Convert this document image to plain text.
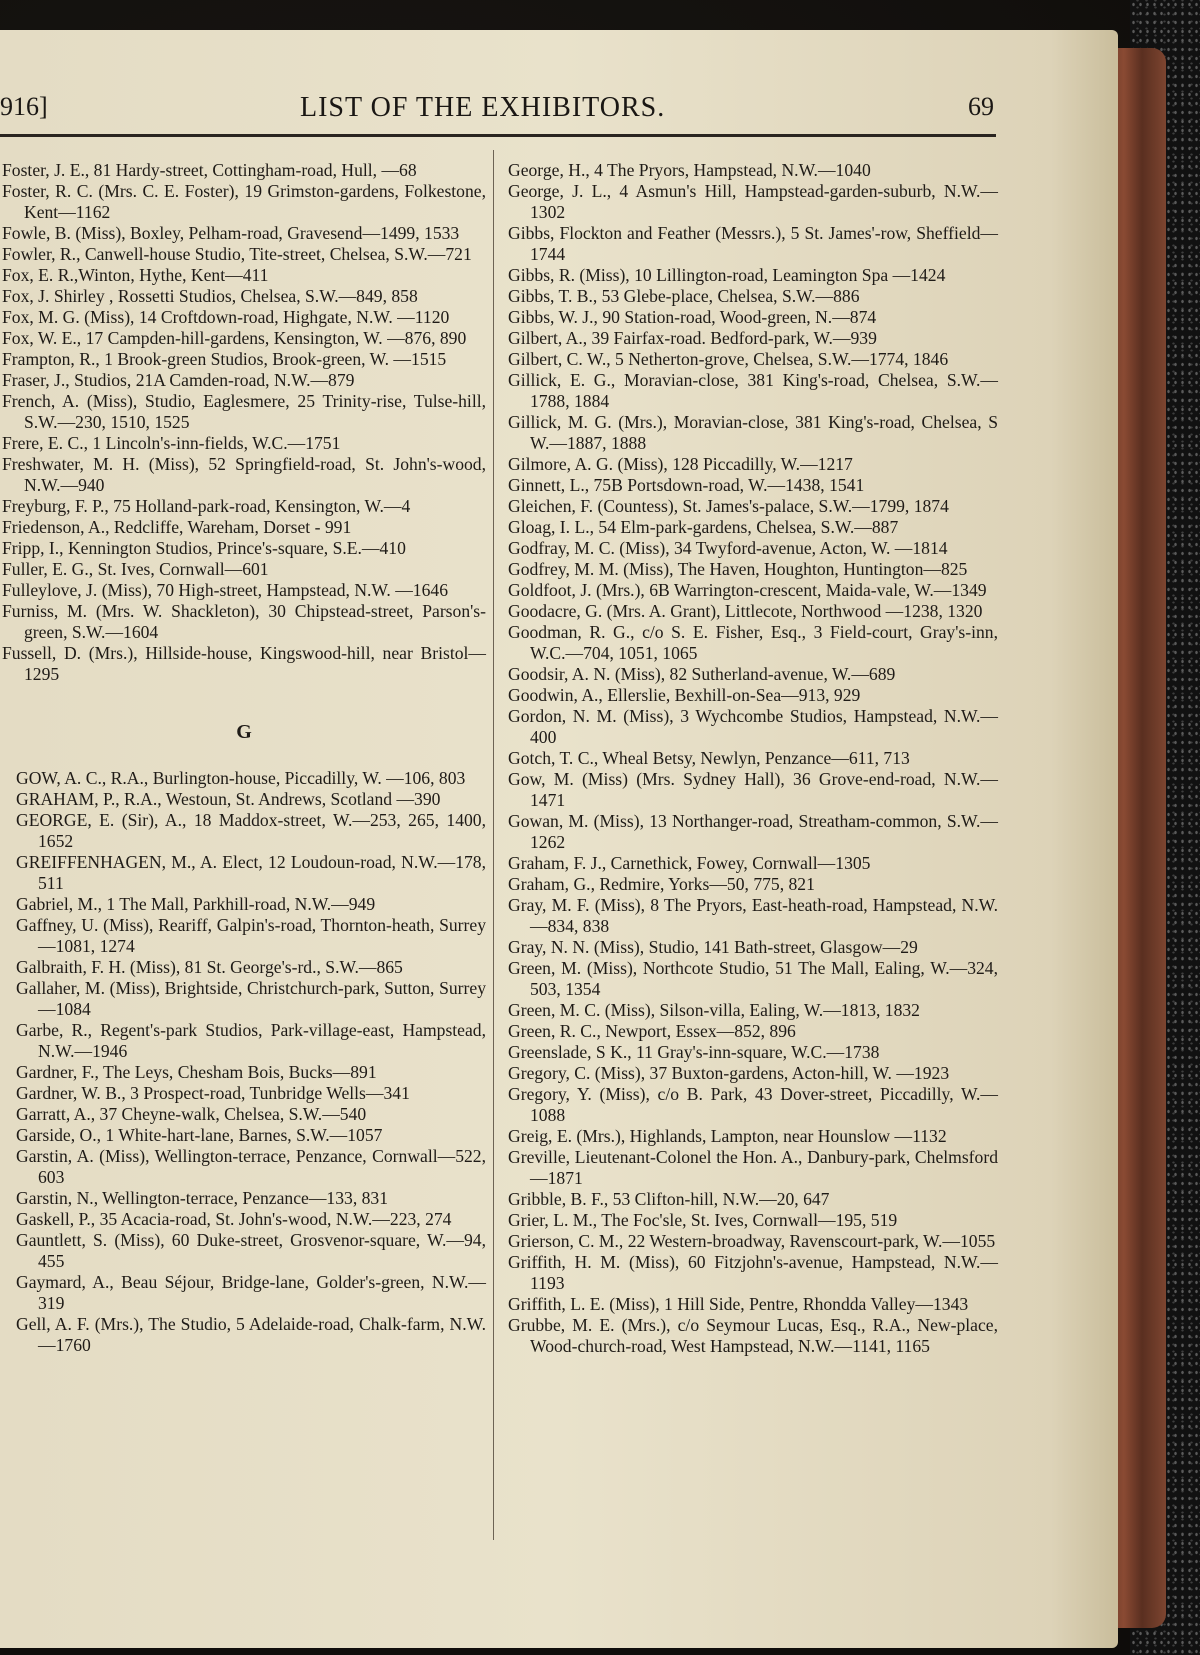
916]	LIST OF THE EXHIBITORS.	69

Foster, J. E., 81 Hardy-street, Cottingham-road, Hull, —68

Foster, R. C. (Mrs. C. E. Foster), 19 Grimston-gardens, Folkestone, Kent—1162

Fowle, B. (Miss), Boxley, Pelham-road, Gravesend—1499, 1533

Fowler, R., Canwell-house Studio, Tite-street, Chelsea, S.W.—721

Fox, E. R.,Winton, Hythe, Kent—411

Fox, J. Shirley , Rossetti Studios, Chelsea, S.W.—849, 858

Fox, M. G. (Miss), 14 Croftdown-road, Highgate, N.W. —1120

Fox, W. E., 17 Campden-hill-gardens, Kensington, W. —876, 890

Frampton, R., 1 Brook-green Studios, Brook-green, W. —1515

Fraser, J., Studios, 21A Camden-road, N.W.—879

French, A. (Miss), Studio, Eaglesmere, 25 Trinity-rise, Tulse-hill, S.W.—230, 1510, 1525

Frere, E. C., 1 Lincoln's-inn-fields, W.C.—1751

Freshwater, M. H. (Miss), 52 Springfield-road, St. John's-wood, N.W.—940

Freyburg, F. P., 75 Holland-park-road, Kensington, W.—4

Friedenson, A., Redcliffe, Wareham, Dorset - 991

Fripp, I., Kennington Studios, Prince's-square, S.E.—410

Fuller, E. G., St. Ives, Cornwall—601

Fulleylove, J. (Miss), 70 High-street, Hampstead, N.W. —1646

Furniss, M. (Mrs. W. Shackleton), 30 Chipstead-street, Parson's-green, S.W.—1604

Fussell, D. (Mrs.), Hillside-house, Kingswood-hill, near Bristol—1295

G

GOW, A. C., R.A., Burlington-house, Piccadilly, W. —106, 803

GRAHAM, P., R.A., Westoun, St. Andrews, Scotland —390

GEORGE, E. (Sir), A., 18 Maddox-street, W.—253, 265, 1400, 1652

GREIFFENHAGEN, M., A. Elect, 12 Loudoun-road, N.W.—178, 511

Gabriel, M., 1 The Mall, Parkhill-road, N.W.—949

Gaffney, U. (Miss), Reariff, Galpin's-road, Thornton-heath, Surrey—1081, 1274

Galbraith, F. H. (Miss), 81 St. George's-rd., S.W.—865

Gallaher, M. (Miss), Brightside, Christchurch-park, Sutton, Surrey—1084

Garbe, R., Regent's-park Studios, Park-village-east, Hampstead, N.W.—1946

Gardner, F., The Leys, Chesham Bois, Bucks—891

Gardner, W. B., 3 Prospect-road, Tunbridge Wells—341

Garratt, A., 37 Cheyne-walk, Chelsea, S.W.—540

Garside, O., 1 White-hart-lane, Barnes, S.W.—1057

Garstin, A. (Miss), Wellington-terrace, Penzance, Cornwall—522, 603

Garstin, N., Wellington-terrace, Penzance—133, 831

Gaskell, P., 35 Acacia-road, St. John's-wood, N.W.—223, 274

Gauntlett, S. (Miss), 60 Duke-street, Grosvenor-square, W.—94, 455

Gaymard, A., Beau Séjour, Bridge-lane, Golder's-green, N.W.—319

Gell, A. F. (Mrs.), The Studio, 5 Adelaide-road, Chalk-farm, N.W.—1760

George, H., 4 The Pryors, Hampstead, N.W.—1040

George, J. L., 4 Asmun's Hill, Hampstead-garden-suburb, N.W.—1302

Gibbs, Flockton and Feather (Messrs.), 5 St. James'-row, Sheffield—1744

Gibbs, R. (Miss), 10 Lillington-road, Leamington Spa —1424

Gibbs, T. B., 53 Glebe-place, Chelsea, S.W.—886

Gibbs, W. J., 90 Station-road, Wood-green, N.—874

Gilbert, A., 39 Fairfax-road. Bedford-park, W.—939

Gilbert, C. W., 5 Netherton-grove, Chelsea, S.W.—1774, 1846

Gillick, E. G., Moravian-close, 381 King's-road, Chelsea, S.W.—1788, 1884

Gillick, M. G. (Mrs.), Moravian-close, 381 King's-road, Chelsea, S W.—1887, 1888

Gilmore, A. G. (Miss), 128 Piccadilly, W.—1217

Ginnett, L., 75B Portsdown-road, W.—1438, 1541

Gleichen, F. (Countess), St. James's-palace, S.W.—1799, 1874

Gloag, I. L., 54 Elm-park-gardens, Chelsea, S.W.—887

Godfray, M. C. (Miss), 34 Twyford-avenue, Acton, W. —1814

Godfrey, M. M. (Miss), The Haven, Houghton, Huntington—825

Goldfoot, J. (Mrs.), 6B Warrington-crescent, Maida-vale, W.—1349

Goodacre, G. (Mrs. A. Grant), Littlecote, Northwood —1238, 1320

Goodman, R. G., c/o S. E. Fisher, Esq., 3 Field-court, Gray's-inn, W.C.—704, 1051, 1065

Goodsir, A. N. (Miss), 82 Sutherland-avenue, W.—689

Goodwin, A., Ellerslie, Bexhill-on-Sea—913, 929

Gordon, N. M. (Miss), 3 Wychcombe Studios, Hampstead, N.W.—400

Gotch, T. C., Wheal Betsy, Newlyn, Penzance—611, 713

Gow, M. (Miss) (Mrs. Sydney Hall), 36 Grove-end-road, N.W.—1471

Gowan, M. (Miss), 13 Northanger-road, Streatham-common, S.W.—1262

Graham, F. J., Carnethick, Fowey, Cornwall—1305

Graham, G., Redmire, Yorks—50, 775, 821

Gray, M. F. (Miss), 8 The Pryors, East-heath-road, Hampstead, N.W.—834, 838

Gray, N. N. (Miss), Studio, 141 Bath-street, Glasgow—29

Green, M. (Miss), Northcote Studio, 51 The Mall, Ealing, W.—324, 503, 1354

Green, M. C. (Miss), Silson-villa, Ealing, W.—1813, 1832

Green, R. C., Newport, Essex—852, 896

Greenslade, S K., 11 Gray's-inn-square, W.C.—1738

Gregory, C. (Miss), 37 Buxton-gardens, Acton-hill, W. —1923

Gregory, Y. (Miss), c/o B. Park, 43 Dover-street, Piccadilly, W.—1088

Greig, E. (Mrs.), Highlands, Lampton, near Hounslow —1132

Greville, Lieutenant-Colonel the Hon. A., Danbury-park, Chelmsford—1871

Gribble, B. F., 53 Clifton-hill, N.W.—20, 647

Grier, L. M., The Foc'sle, St. Ives, Cornwall—195, 519

Grierson, C. M., 22 Western-broadway, Ravenscourt-park, W.—1055

Griffith, H. M. (Miss), 60 Fitzjohn's-avenue, Hampstead, N.W.—1193

Griffith, L. E. (Miss), 1 Hill Side, Pentre, Rhondda Valley—1343

Grubbe, M. E. (Mrs.), c/o Seymour Lucas, Esq., R.A., New-place, Wood-church-road, West Hampstead, N.W.—1141, 1165
